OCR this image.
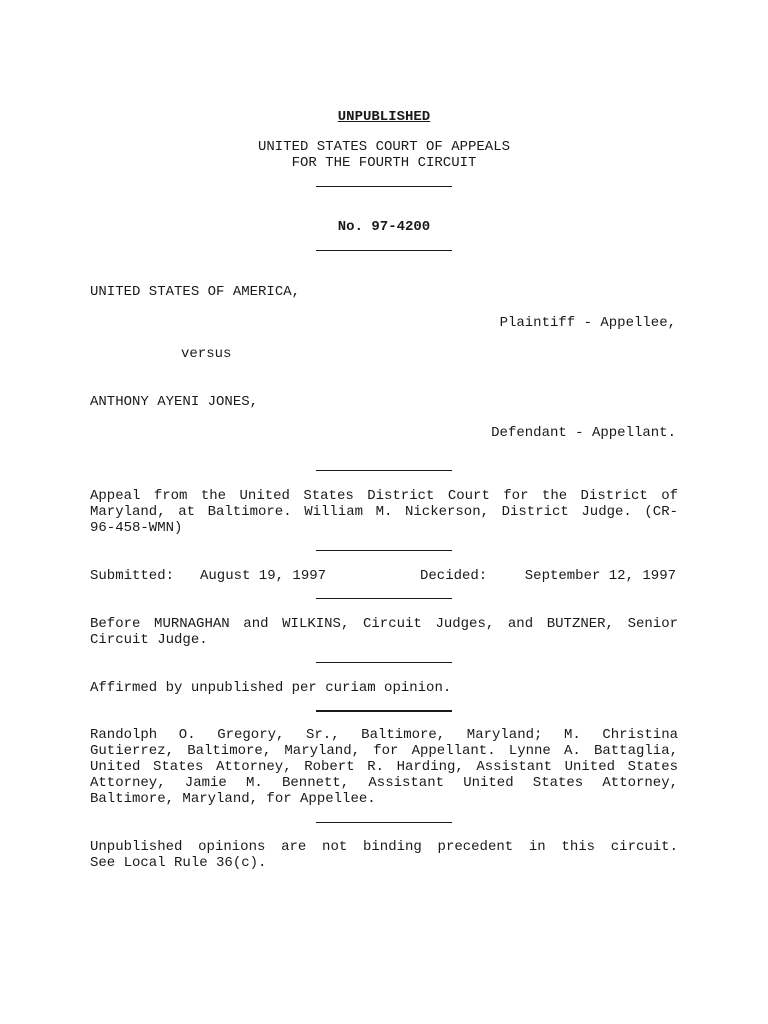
UNPUBLISHED
UNITED STATES COURT OF APPEALS
FOR THE FOURTH CIRCUIT
No. 97-4200
UNITED STATES OF AMERICA,
Plaintiff - Appellee,
versus
ANTHONY AYENI JONES,
Defendant - Appellant.
Appeal from the United States District Court for the District of
Maryland, at Baltimore. William M. Nickerson, District Judge. (CR-
96-458-WMN)
Submitted: August 19, 1997	Decided:	September 12, 1997
Before MURNAGHAN and WILKINS, Circuit Judges, and BUTZNER, Senior
Circuit Judge.
Affirmed by unpublished per curiam opinion.
Randolph O. Gregory, Sr., Baltimore, Maryland; M. Christina
Gutierrez, Baltimore, Maryland, for Appellant. Lynne A. Battaglia,
United States Attorney, Robert R. Harding, Assistant United States
Attorney, Jamie M. Bennett, Assistant United States Attorney,
Baltimore, Maryland, for Appellee.
Unpublished opinions are not binding precedent in this circuit.
See Local Rule 36(c).
